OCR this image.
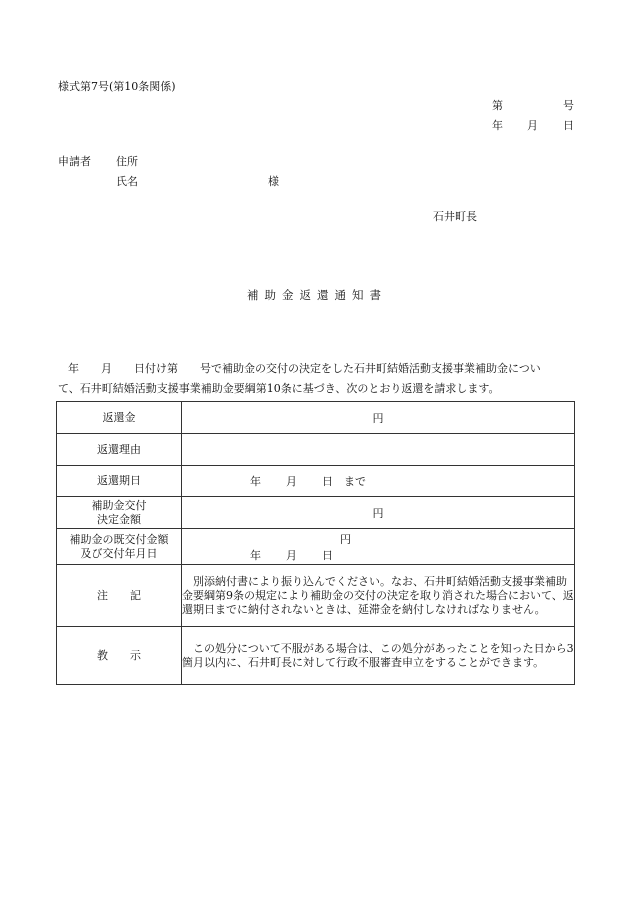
様式第7号(第10条関係)
第	号
年 月 日
申請者 住所
氏名	様
石井町長
補助金返還通知書
年　　月　　日付け第　　号で補助金の交付の決定をした石井町結婚活動支援事業補助金につい
て、石井町結婚活動支援事業補助金要綱第10条に基づき、次のとおり返還を請求します。
返還金	円
返還理由	
返還期日	年 月 日 まで

補助金交付
決定金額	円
補助金の既交付金額
及び交付年月日	円
年 月 日

注　　記	別添納付書により振り込んでください。なお、石井町結婚活動支援事業補助金要綱第9条の規定により補助金の交付の決定を取り消された場合において、返還期日までに納付されないときは、延滞金を納付しなければなりません。
教　　示	この処分について不服がある場合は、この処分があったことを知った日から3箇月以内に、石井町長に対して行政不服審査申立をすることができます。
